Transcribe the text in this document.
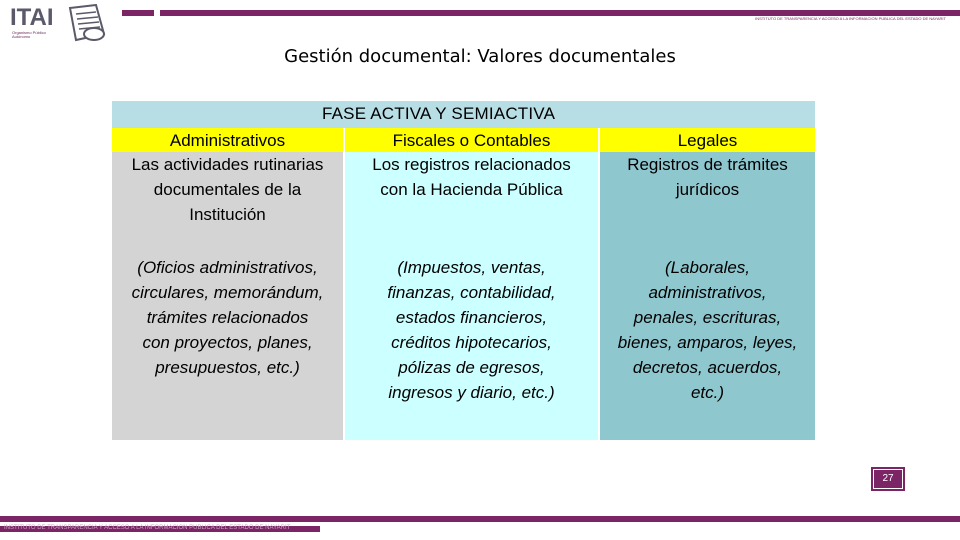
ITAI
Organismo Público Autónomo
INSTITUTO DE TRANSPARENCIA Y ACCESO A LA INFORMACION PUBLICA DEL ESTADO DE NAYARIT
Gestión documental: Valores documentales
FASE ACTIVA Y SEMIACTIVA
Administrativos
Las actividades rutinarias
documentales de la
Institución
(Oficios administrativos,
circulares, memorándum,
trámites relacionados
con proyectos, planes,
presupuestos, etc.)
Fiscales o Contables
Los registros relacionados
con la Hacienda Pública
(Impuestos, ventas,
finanzas, contabilidad,
estados financieros,
créditos hipotecarios,
pólizas de egresos,
ingresos y diario, etc.)
Legales
Registros de trámites
jurídicos
(Laborales,
administrativos,
penales, escrituras,
bienes, amparos, leyes,
decretos, acuerdos,
etc.)
27
INSTITUTO DE TRANSPARENCIA Y ACCESO A LA INFORMACION PUBLICA DEL ESTADO DE NAYARIT
